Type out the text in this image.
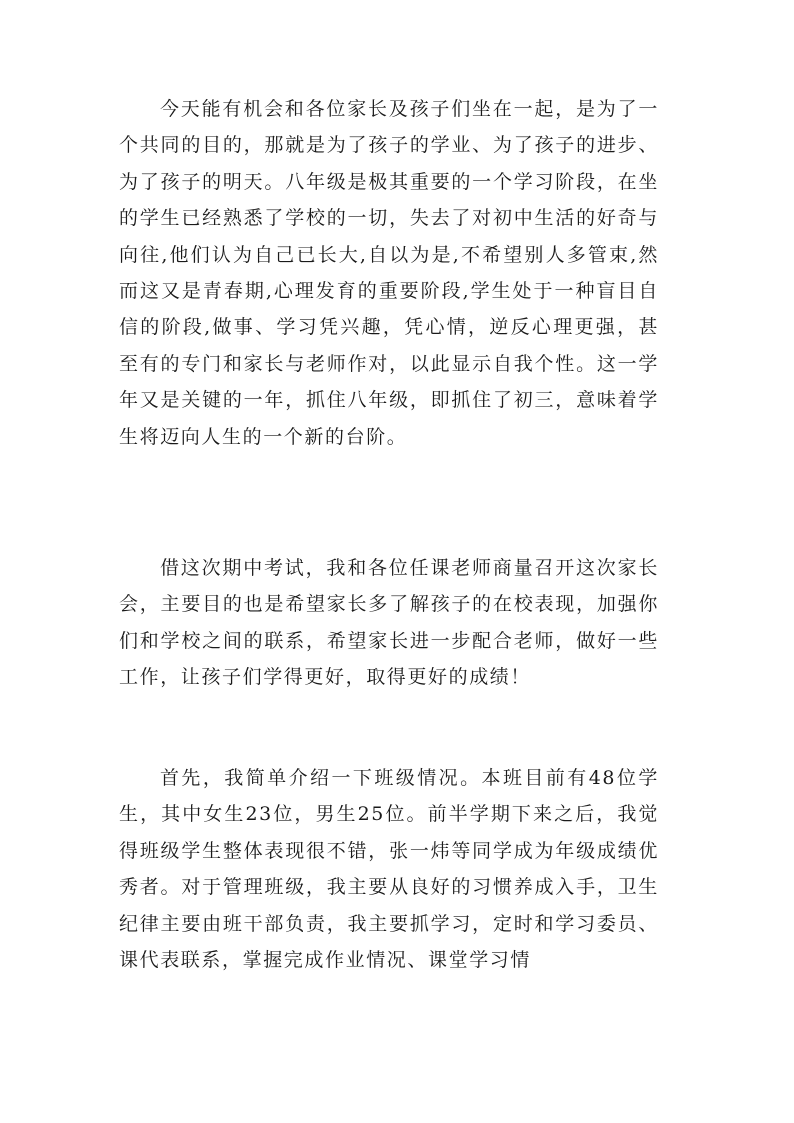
今天能有机会和各位家长及孩子们坐在一起，是为了一个共同的目的，那就是为了孩子的学业、为了孩子的进步、为了孩子的明天。八年级是极其重要的一个学习阶段，在坐的学生已经熟悉了学校的一切，失去了对初中生活的好奇与向往,他们认为自己已长大,自以为是,不希望别人多管束,然而这又是青春期,心理发育的重要阶段,学生处于一种盲目自信的阶段,做事、学习凭兴趣，凭心情，逆反心理更强，甚至有的专门和家长与老师作对，以此显示自我个性。这一学年又是关键的一年，抓住八年级，即抓住了初三，意味着学生将迈向人生的一个新的台阶。

借这次期中考试，我和各位任课老师商量召开这次家长会，主要目的也是希望家长多了解孩子的在校表现，加强你们和学校之间的联系，希望家长进一步配合老师，做好一些工作，让孩子们学得更好，取得更好的成绩！

首先，我简单介绍一下班级情况。本班目前有48位学生，其中女生23位，男生25位。前半学期下来之后，我觉得班级学生整体表现很不错，张一炜等同学成为年级成绩优秀者。对于管理班级，我主要从良好的习惯养成入手，卫生纪律主要由班干部负责，我主要抓学习，定时和学习委员、课代表联系，掌握完成作业情况、课堂学习情
